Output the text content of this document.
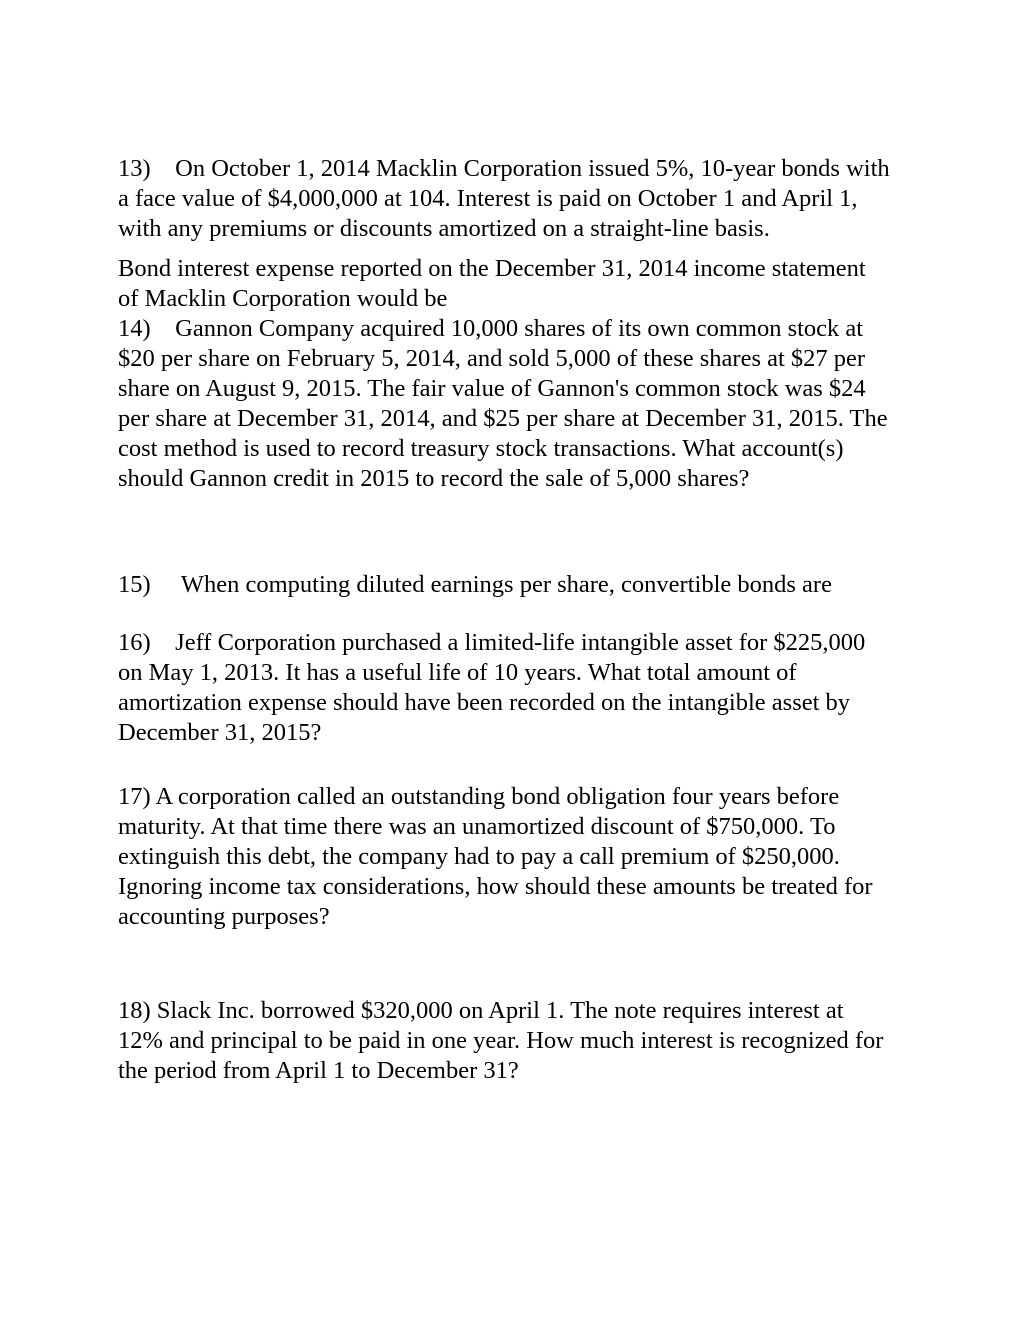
13) On October 1, 2014 Macklin Corporation issued 5%, 10-year bonds with a face value of $4,000,000 at 104. Interest is paid on October 1 and April 1, with any premiums or discounts amortized on a straight-line basis.

Bond interest expense reported on the December 31, 2014 income statement of Macklin Corporation would be

14) Gannon Company acquired 10,000 shares of its own common stock at $20 per share on February 5, 2014, and sold 5,000 of these shares at $27 per share on August 9, 2015. The fair value of Gannon's common stock was $24 per share at December 31, 2014, and $25 per share at December 31, 2015. The cost method is used to record treasury stock transactions. What account(s) should Gannon credit in 2015 to record the sale of 5,000 shares?

15) When computing diluted earnings per share, convertible bonds are

16) Jeff Corporation purchased a limited-life intangible asset for $225,000 on May 1, 2013. It has a useful life of 10 years. What total amount of amortization expense should have been recorded on the intangible asset by December 31, 2015?

17) A corporation called an outstanding bond obligation four years before maturity. At that time there was an unamortized discount of $750,000. To extinguish this debt, the company had to pay a call premium of $250,000. Ignoring income tax considerations, how should these amounts be treated for accounting purposes?

18) Slack Inc. borrowed $320,000 on April 1. The note requires interest at 12% and principal to be paid in one year. How much interest is recognized for the period from April 1 to December 31?
